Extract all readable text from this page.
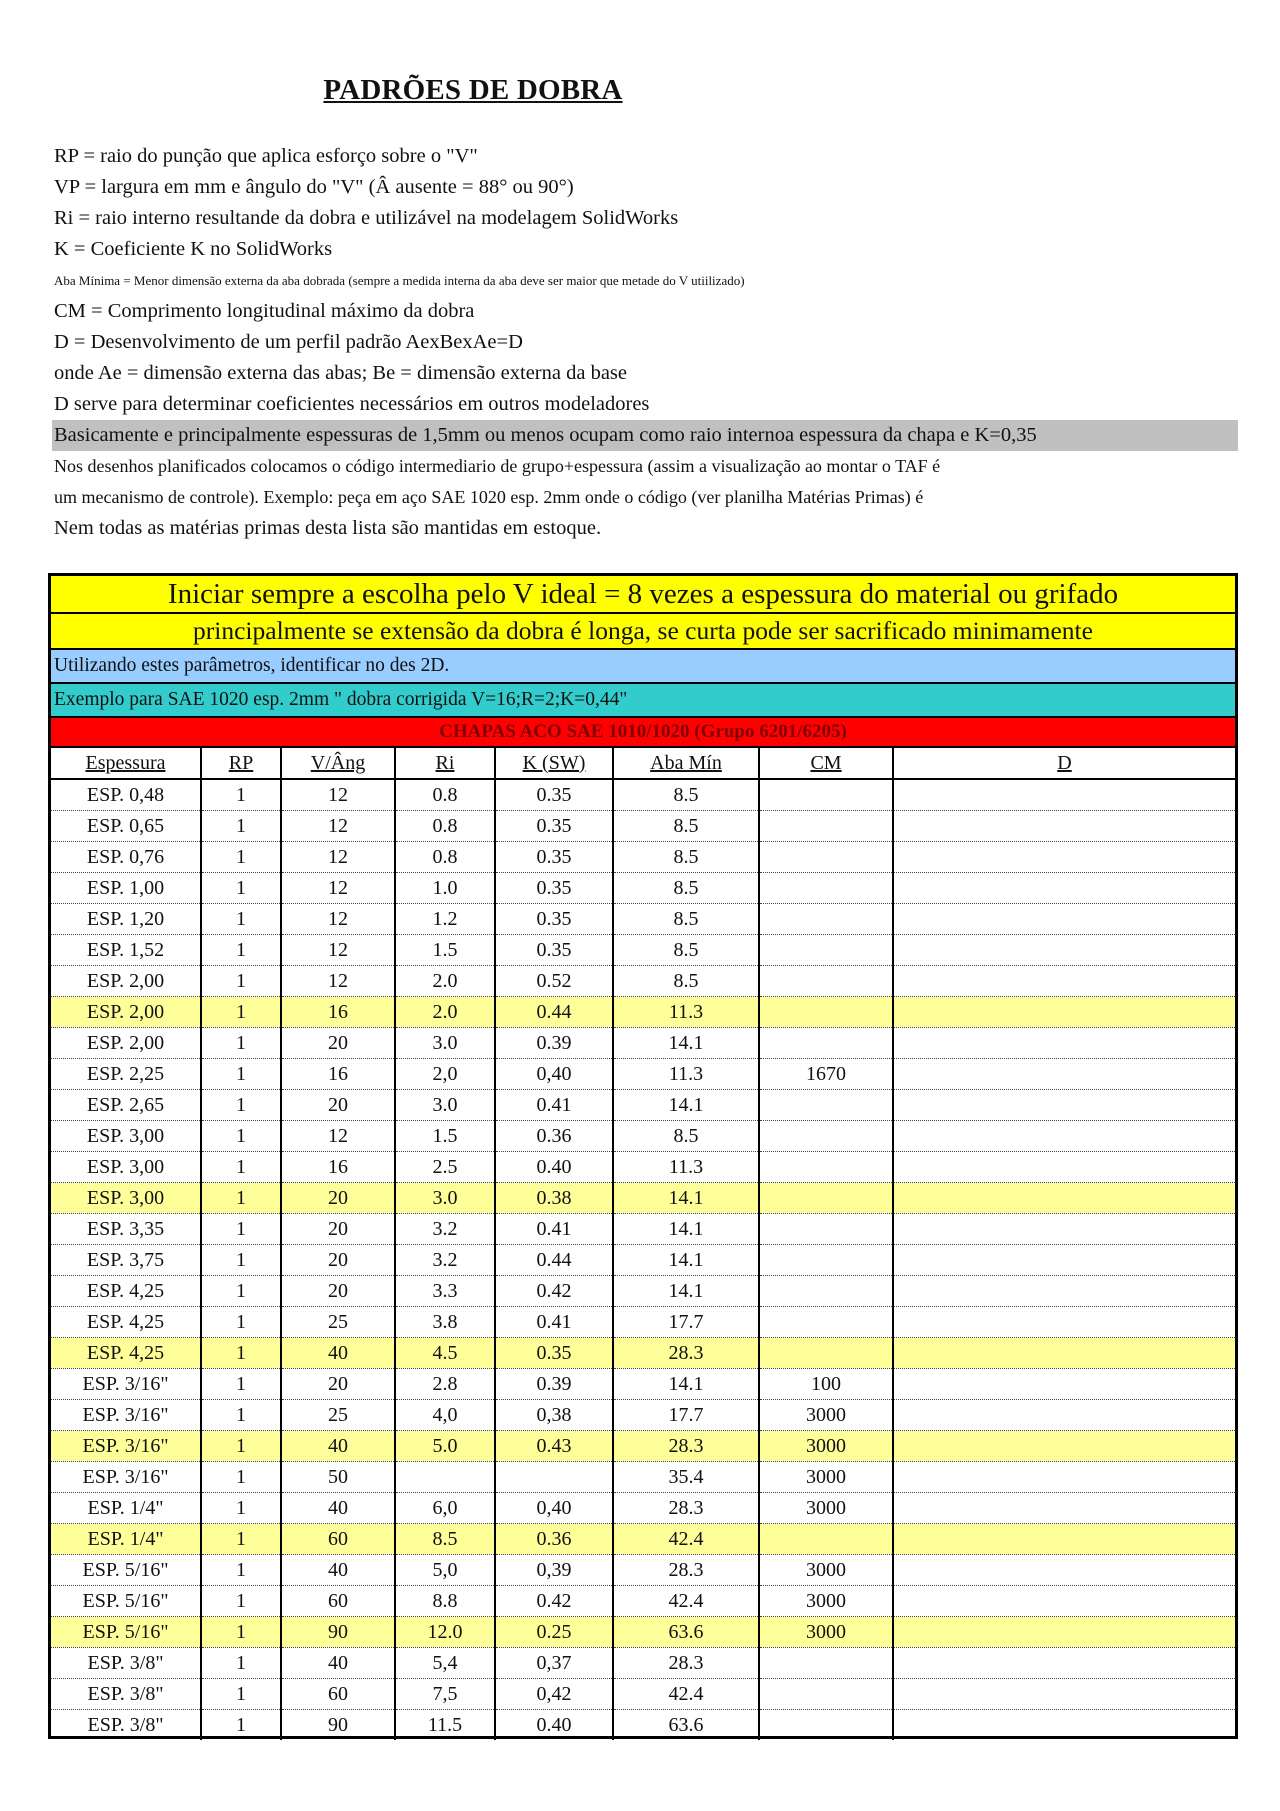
PADRÕES DE DOBRA
RP = raio do punção que aplica esforço sobre o "V"
VP = largura em mm e ângulo do "V" (Â ausente = 88° ou 90°)
Ri = raio interno resultande da dobra e utilizável na modelagem SolidWorks
K = Coeficiente K no SolidWorks
Aba Mínima = Menor dimensão externa da aba dobrada (sempre a medida interna da aba deve ser maior que metade do V utiilizado)
CM = Comprimento longitudinal máximo da dobra
D = Desenvolvimento de um perfil padrão AexBexAe=D
onde Ae = dimensão externa das abas; Be = dimensão externa da base
D serve para determinar coeficientes necessários em outros modeladores
Basicamente e principalmente espessuras de 1,5mm ou menos ocupam como raio internoa espessura da chapa e K=0,35
Nos desenhos planificados colocamos o código intermediario de grupo+espessura (assim a visualização ao montar o TAF é
um mecanismo de controle). Exemplo: peça em aço SAE 1020 esp. 2mm onde o código (ver planilha Matérias Primas) é
Nem todas as matérias primas desta lista são mantidas em estoque.
Iniciar sempre a escolha pelo V ideal = 8 vezes a espessura do material ou grifado
principalmente se extensão da dobra é longa, se curta pode ser sacrificado minimamente
Utilizando estes parâmetros, identificar no des 2D.
Exemplo para SAE 1020 esp. 2mm " dobra corrigida V=16;R=2;K=0,44"
CHAPAS ACO SAE 1010/1020 (Grupo 6201/6205)
Espessura	RP	V/Âng	Ri	K (SW)	Aba Mín	CM	D
ESP. 0,48	1	12	0.8	0.35	8.5		
ESP. 0,65	1	12	0.8	0.35	8.5		
ESP. 0,76	1	12	0.8	0.35	8.5		
ESP. 1,00	1	12	1.0	0.35	8.5		
ESP. 1,20	1	12	1.2	0.35	8.5		
ESP. 1,52	1	12	1.5	0.35	8.5		
ESP. 2,00	1	12	2.0	0.52	8.5		
ESP. 2,00	1	16	2.0	0.44	11.3		
ESP. 2,00	1	20	3.0	0.39	14.1		
ESP. 2,25	1	16	2,0	0,40	11.3	1670	
ESP. 2,65	1	20	3.0	0.41	14.1		
ESP. 3,00	1	12	1.5	0.36	8.5		
ESP. 3,00	1	16	2.5	0.40	11.3		
ESP. 3,00	1	20	3.0	0.38	14.1		
ESP. 3,35	1	20	3.2	0.41	14.1		
ESP. 3,75	1	20	3.2	0.44	14.1		
ESP. 4,25	1	20	3.3	0.42	14.1		
ESP. 4,25	1	25	3.8	0.41	17.7		
ESP. 4,25	1	40	4.5	0.35	28.3		
ESP. 3/16"	1	20	2.8	0.39	14.1	100	
ESP. 3/16"	1	25	4,0	0,38	17.7	3000	
ESP. 3/16"	1	40	5.0	0.43	28.3	3000	
ESP. 3/16"	1	50			35.4	3000	
ESP. 1/4"	1	40	6,0	0,40	28.3	3000	
ESP. 1/4"	1	60	8.5	0.36	42.4		
ESP. 5/16"	1	40	5,0	0,39	28.3	3000	
ESP. 5/16"	1	60	8.8	0.42	42.4	3000	
ESP. 5/16"	1	90	12.0	0.25	63.6	3000	
ESP. 3/8"	1	40	5,4	0,37	28.3		
ESP. 3/8"	1	60	7,5	0,42	42.4		
ESP. 3/8"	1	90	11.5	0.40	63.6		
